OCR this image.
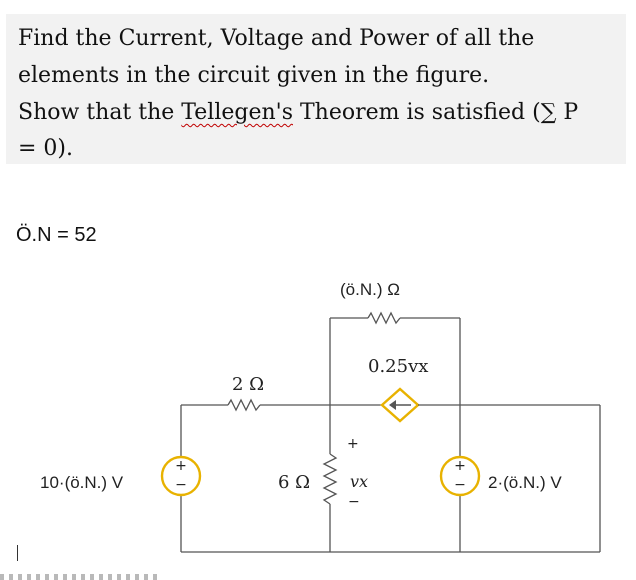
Find the Current, Voltage and Power of all the
elements in the circuit given in the figure.
Show that the Tellegen's Theorem is satisfied (∑ P
= 0).
Ö.N = 52
+
−
+
−
(ö.N.) Ω
0.25vx
2 Ω
6 Ω
+
vx
−
10·(ö.N.) V	2·(ö.N.) V
